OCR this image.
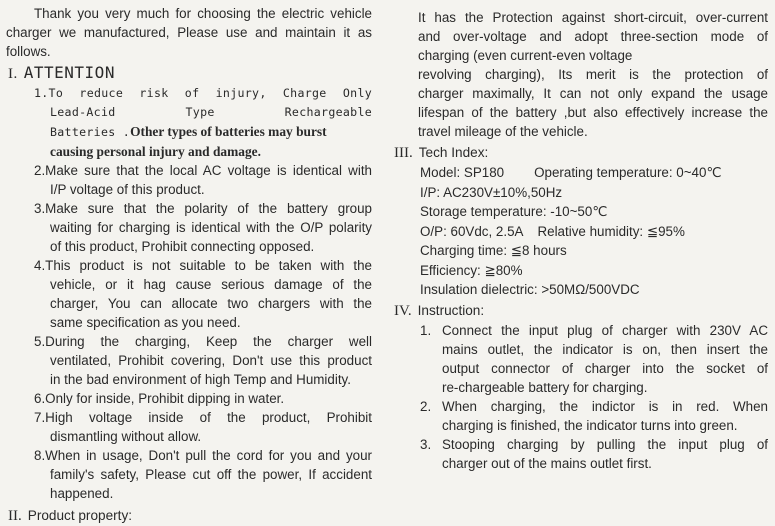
Thank you very much for choosing the electric vehicle
charger we manufactured, Please use and maintain it as
follows.
I. ATTENTION
1.To reduce risk of injury, Charge Only
Lead-Acid Type Rechargeable
Batteries .Other types of batteries may burst
causing personal injury and damage.
2.Make sure that the local AC voltage is identical with
I/P voltage of this product.
3.Make sure that the polarity of the battery group
waiting for charging is identical with the O/P polarity
of this product, Prohibit connecting opposed.
4.This product is not suitable to be taken with the
vehicle, or it hag cause serious damage of the
charger, You can allocate two chargers with the
same specification as you need.
5.During the charging, Keep the charger well
ventilated, Prohibit covering, Don't use this product
in the bad environment of high Temp and Humidity.
6.Only for inside, Prohibit dipping in water.
7.High voltage inside of the product, Prohibit
dismantling without allow.
8.When in usage, Don't pull the cord for you and your
family's safety, Please cut off the power, If accident
happened.
II. Product property:
It has the Protection against short-circuit, over-current
and over-voltage and adopt three-section mode of
charging (even current-even voltage
revolving charging), Its merit is the protection of
charger maximally, It can not only expand the usage
lifespan of the battery ,but also effectively increase the
travel mileage of the vehicle.
III. Tech Index:
Model: SP180 Operating temperature: 0~40℃
I/P: AC230V±10%,50Hz
Storage temperature: -10~50℃
O/P: 60Vdc, 2.5A Relative humidity: ≦95%
Charging time: ≦8 hours
Efficiency: ≧80%
Insulation dielectric: >50MΩ/500VDC
IV. Instruction:
1. Connect the input plug of charger with 230V AC
mains outlet, the indicator is on, then insert the
output connector of charger into the socket of
re-chargeable battery for charging.
2. When charging, the indictor is in red. When
charging is finished, the indicator turns into green.
3. Stooping charging by pulling the input plug of
charger out of the mains outlet first.
